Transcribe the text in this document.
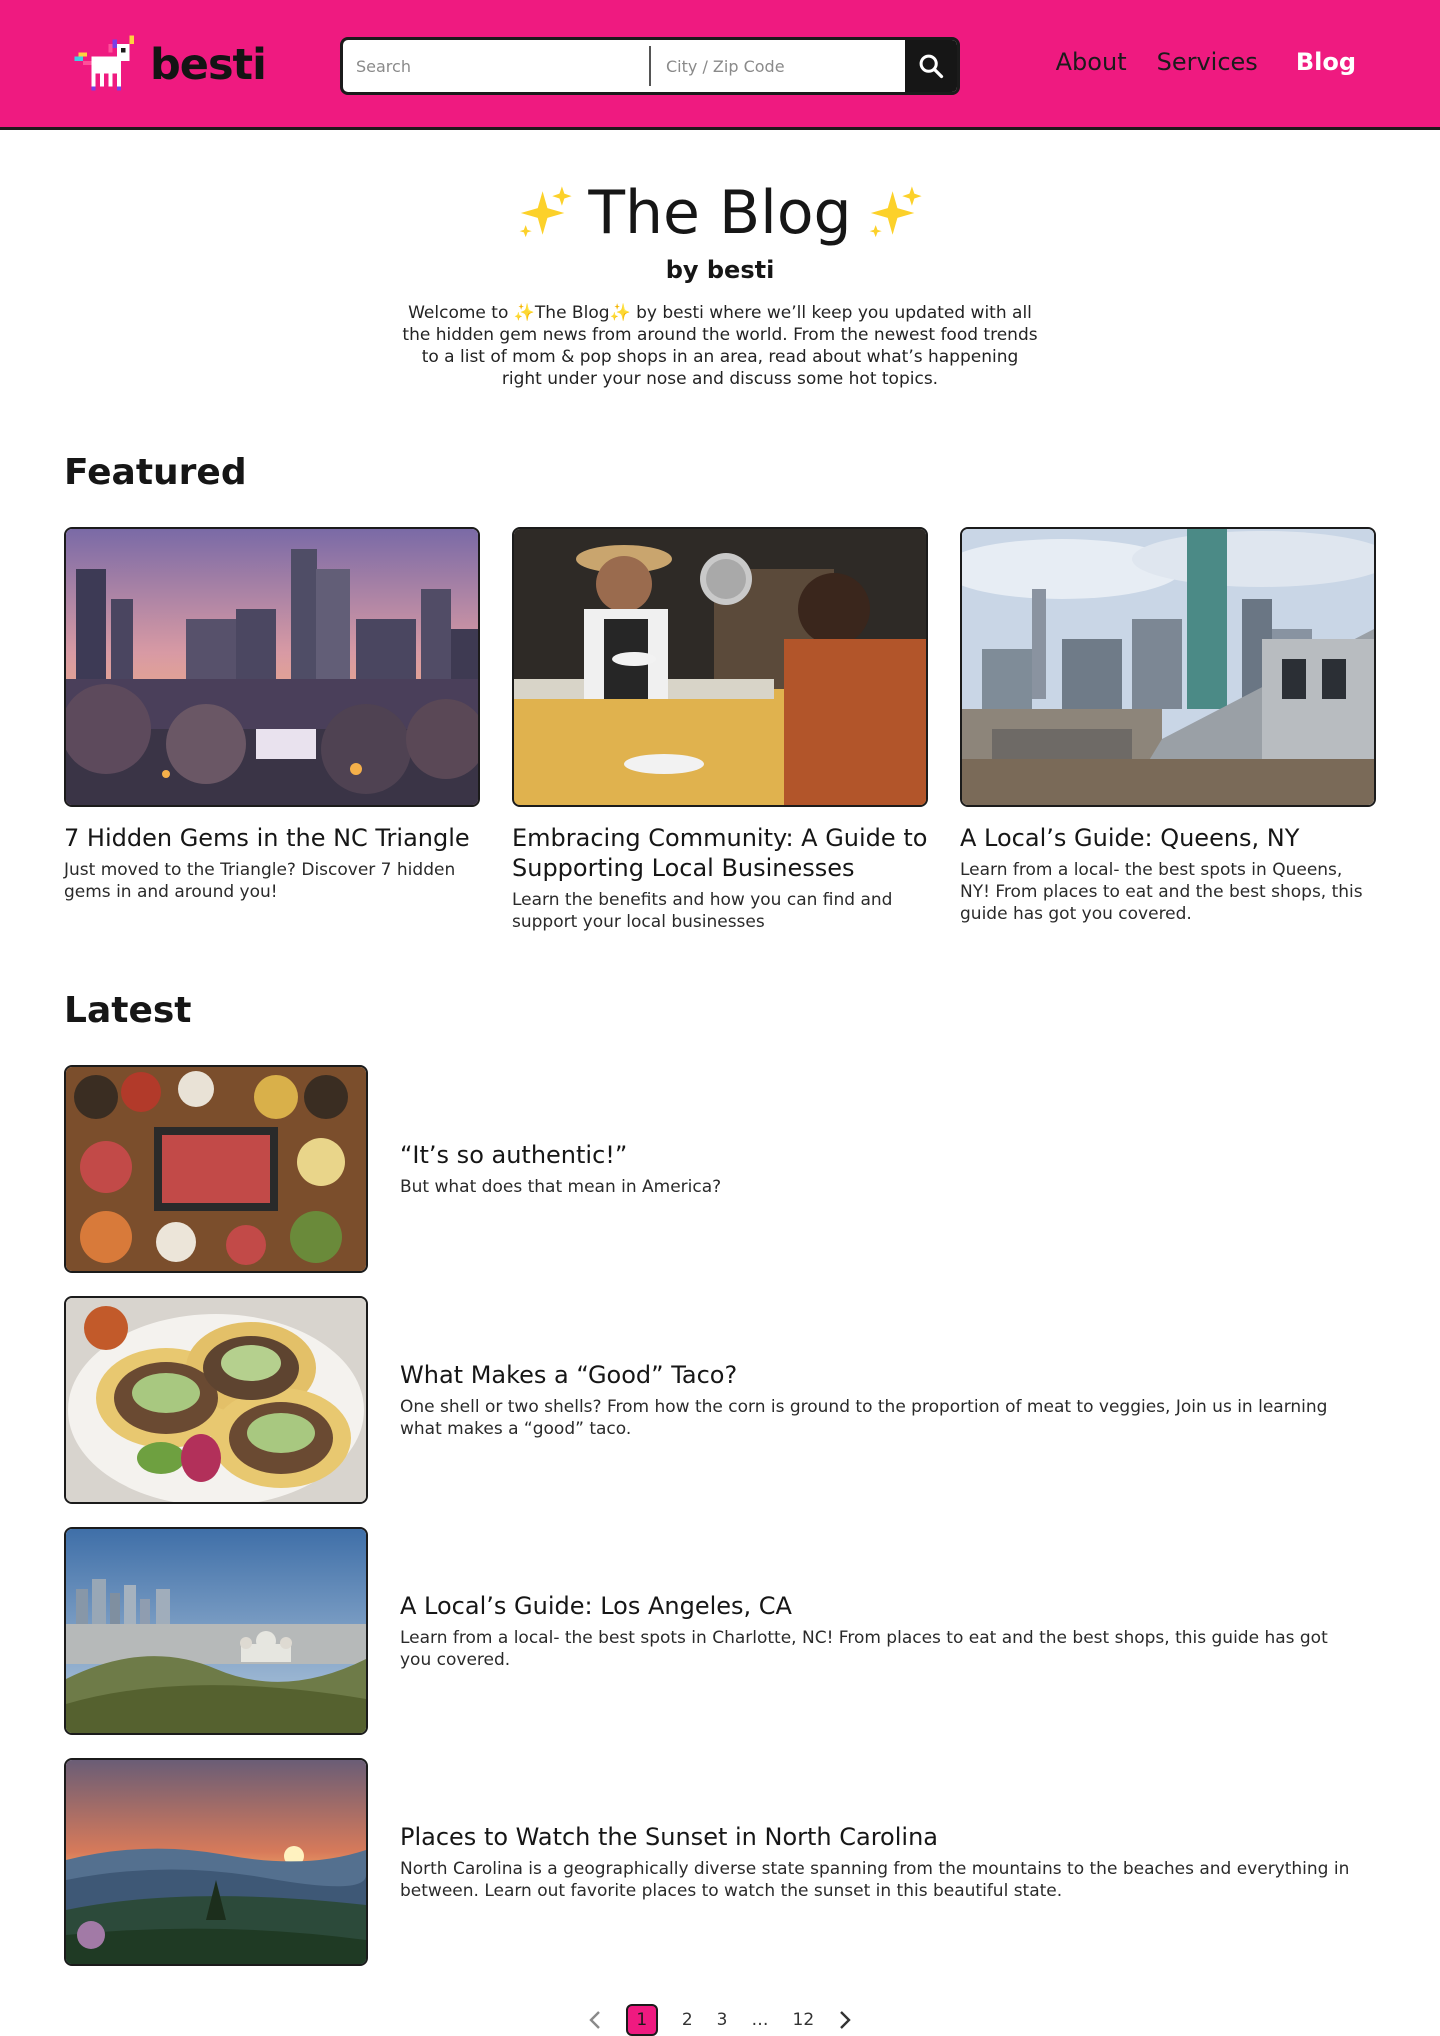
besti
Search
City / Zip Code	About Services Blog
The Blog
by besti

Welcome to ✨The Blog✨ by besti where we’ll keep you updated with all the hidden gem news from around the world. From the newest food trends to a list of mom & pop shops in an area, read about what’s happening right under your nose and discuss some hot topics.

Featured
7 Hidden Gems in the NC Triangle
Just moved to the Triangle? Discover 7 hidden gems in and around you!
Embracing Community: A Guide to Supporting Local Businesses
Learn the benefits and how you can find and support your local businesses
A Local’s Guide: Queens, NY
Learn from a local- the best spots in Queens, NY! From places to eat and the best shops, this guide has got you covered.
Latest
“It’s so authentic!”
But what does that mean in America?
What Makes a “Good” Taco?
One shell or two shells? From how the corn is ground to the proportion of meat to veggies, Join us in learning what makes a “good” taco.
A Local’s Guide: Los Angeles, CA
Learn from a local- the best spots in Charlotte, NC! From places to eat and the best shops, this guide has got you covered.
Places to Watch the Sunset in North Carolina
North Carolina is a geographically diverse state spanning from the mountains to the beaches and everything in between. Learn out favorite places to watch the sunset in this beautiful state.
1	2 3 … 12
